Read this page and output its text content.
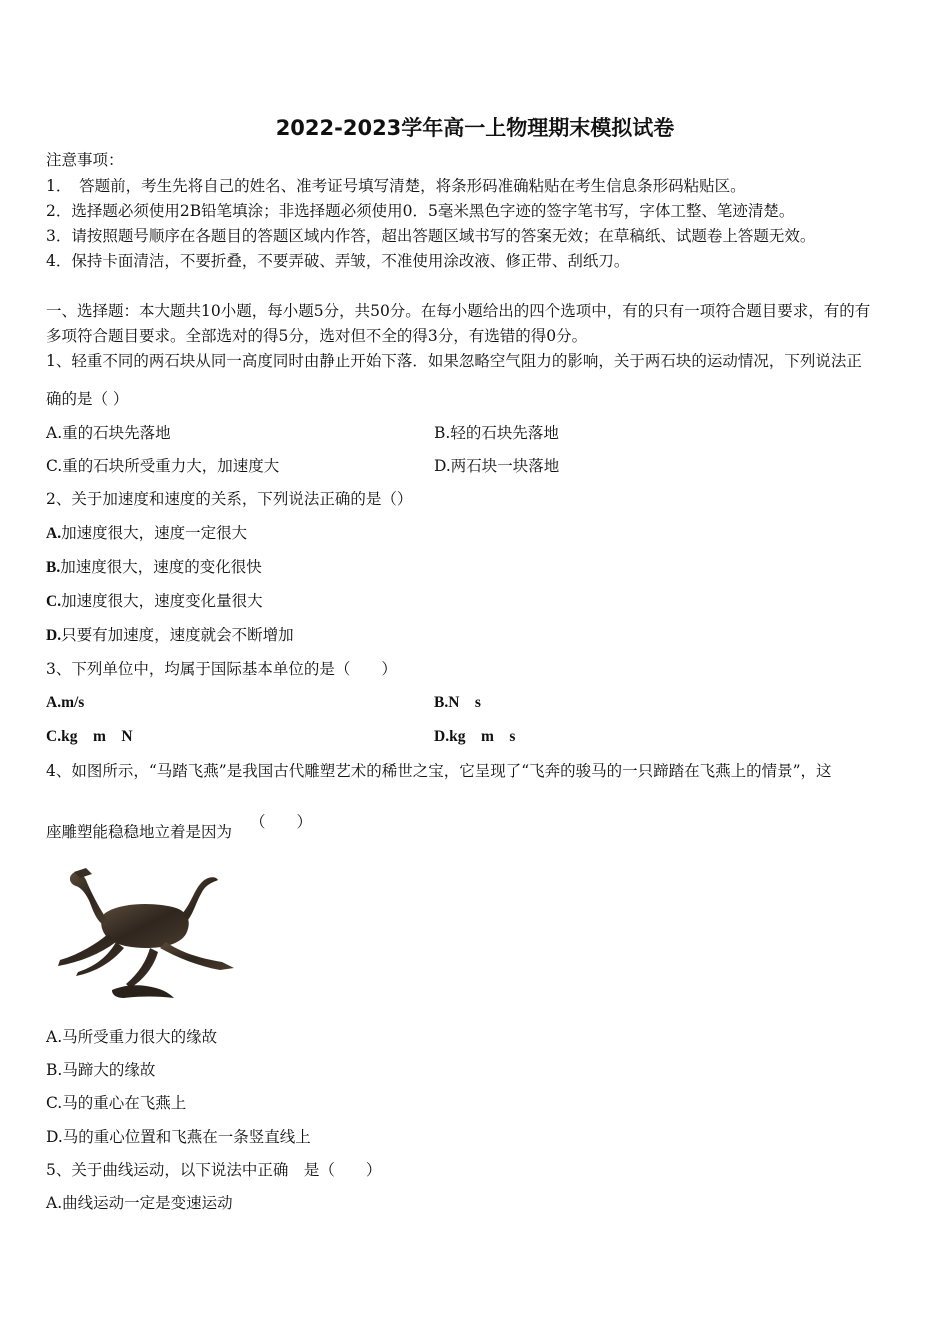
2022-2023学年高一上物理期末模拟试卷
注意事项：
1．　答题前，考生先将自己的姓名、准考证号填写清楚，将条形码准确粘贴在考生信息条形码粘贴区。
2．选择题必须使用2B铅笔填涂；非选择题必须使用0．5毫米黑色字迹的签字笔书写，字体工整、笔迹清楚。
3．请按照题号顺序在各题目的答题区域内作答，超出答题区域书写的答案无效；在草稿纸、试题卷上答题无效。
4．保持卡面清洁，不要折叠，不要弄破、弄皱，不准使用涂改液、修正带、刮纸刀。
一、选择题：本大题共10小题，每小题5分，共50分。在每小题给出的四个选项中，有的只有一项符合题目要求，有的有
多项符合题目要求。全部选对的得5分，选对但不全的得3分，有选错的得0分。
1、轻重不同的两石块从同一高度同时由静止开始下落．如果忽略空气阻力的影响，关于两石块的运动情况，下列说法正
确的是（ ）
A.重的石块先落地	B.轻的石块先落地
C.重的石块所受重力大，加速度大	D.两石块一块落地
2、关于加速度和速度的关系，下列说法正确的是（）
A.加速度很大，速度一定很大
B.加速度很大，速度的变化很快
C.加速度很大，速度变化量很大
D.只要有加速度，速度就会不断增加
3、下列单位中，均属于国际基本单位的是（　　）
A.m/s	B.N　s
C.kg　m　N	D.kg　m　s
4、如图所示，“马踏飞燕”是我国古代雕塑艺术的稀世之宝，它呈现了“飞奔的骏马的一只蹄踏在飞燕上的情景”，这
座雕塑能稳稳地立着是因为
（　　）
A.马所受重力很大的缘故
B.马蹄大的缘故
C.马的重心在飞燕上
D.马的重心位置和飞燕在一条竖直线上
5、关于曲线运动，以下说法中正确　是（　　）
A.曲线运动一定是变速运动
